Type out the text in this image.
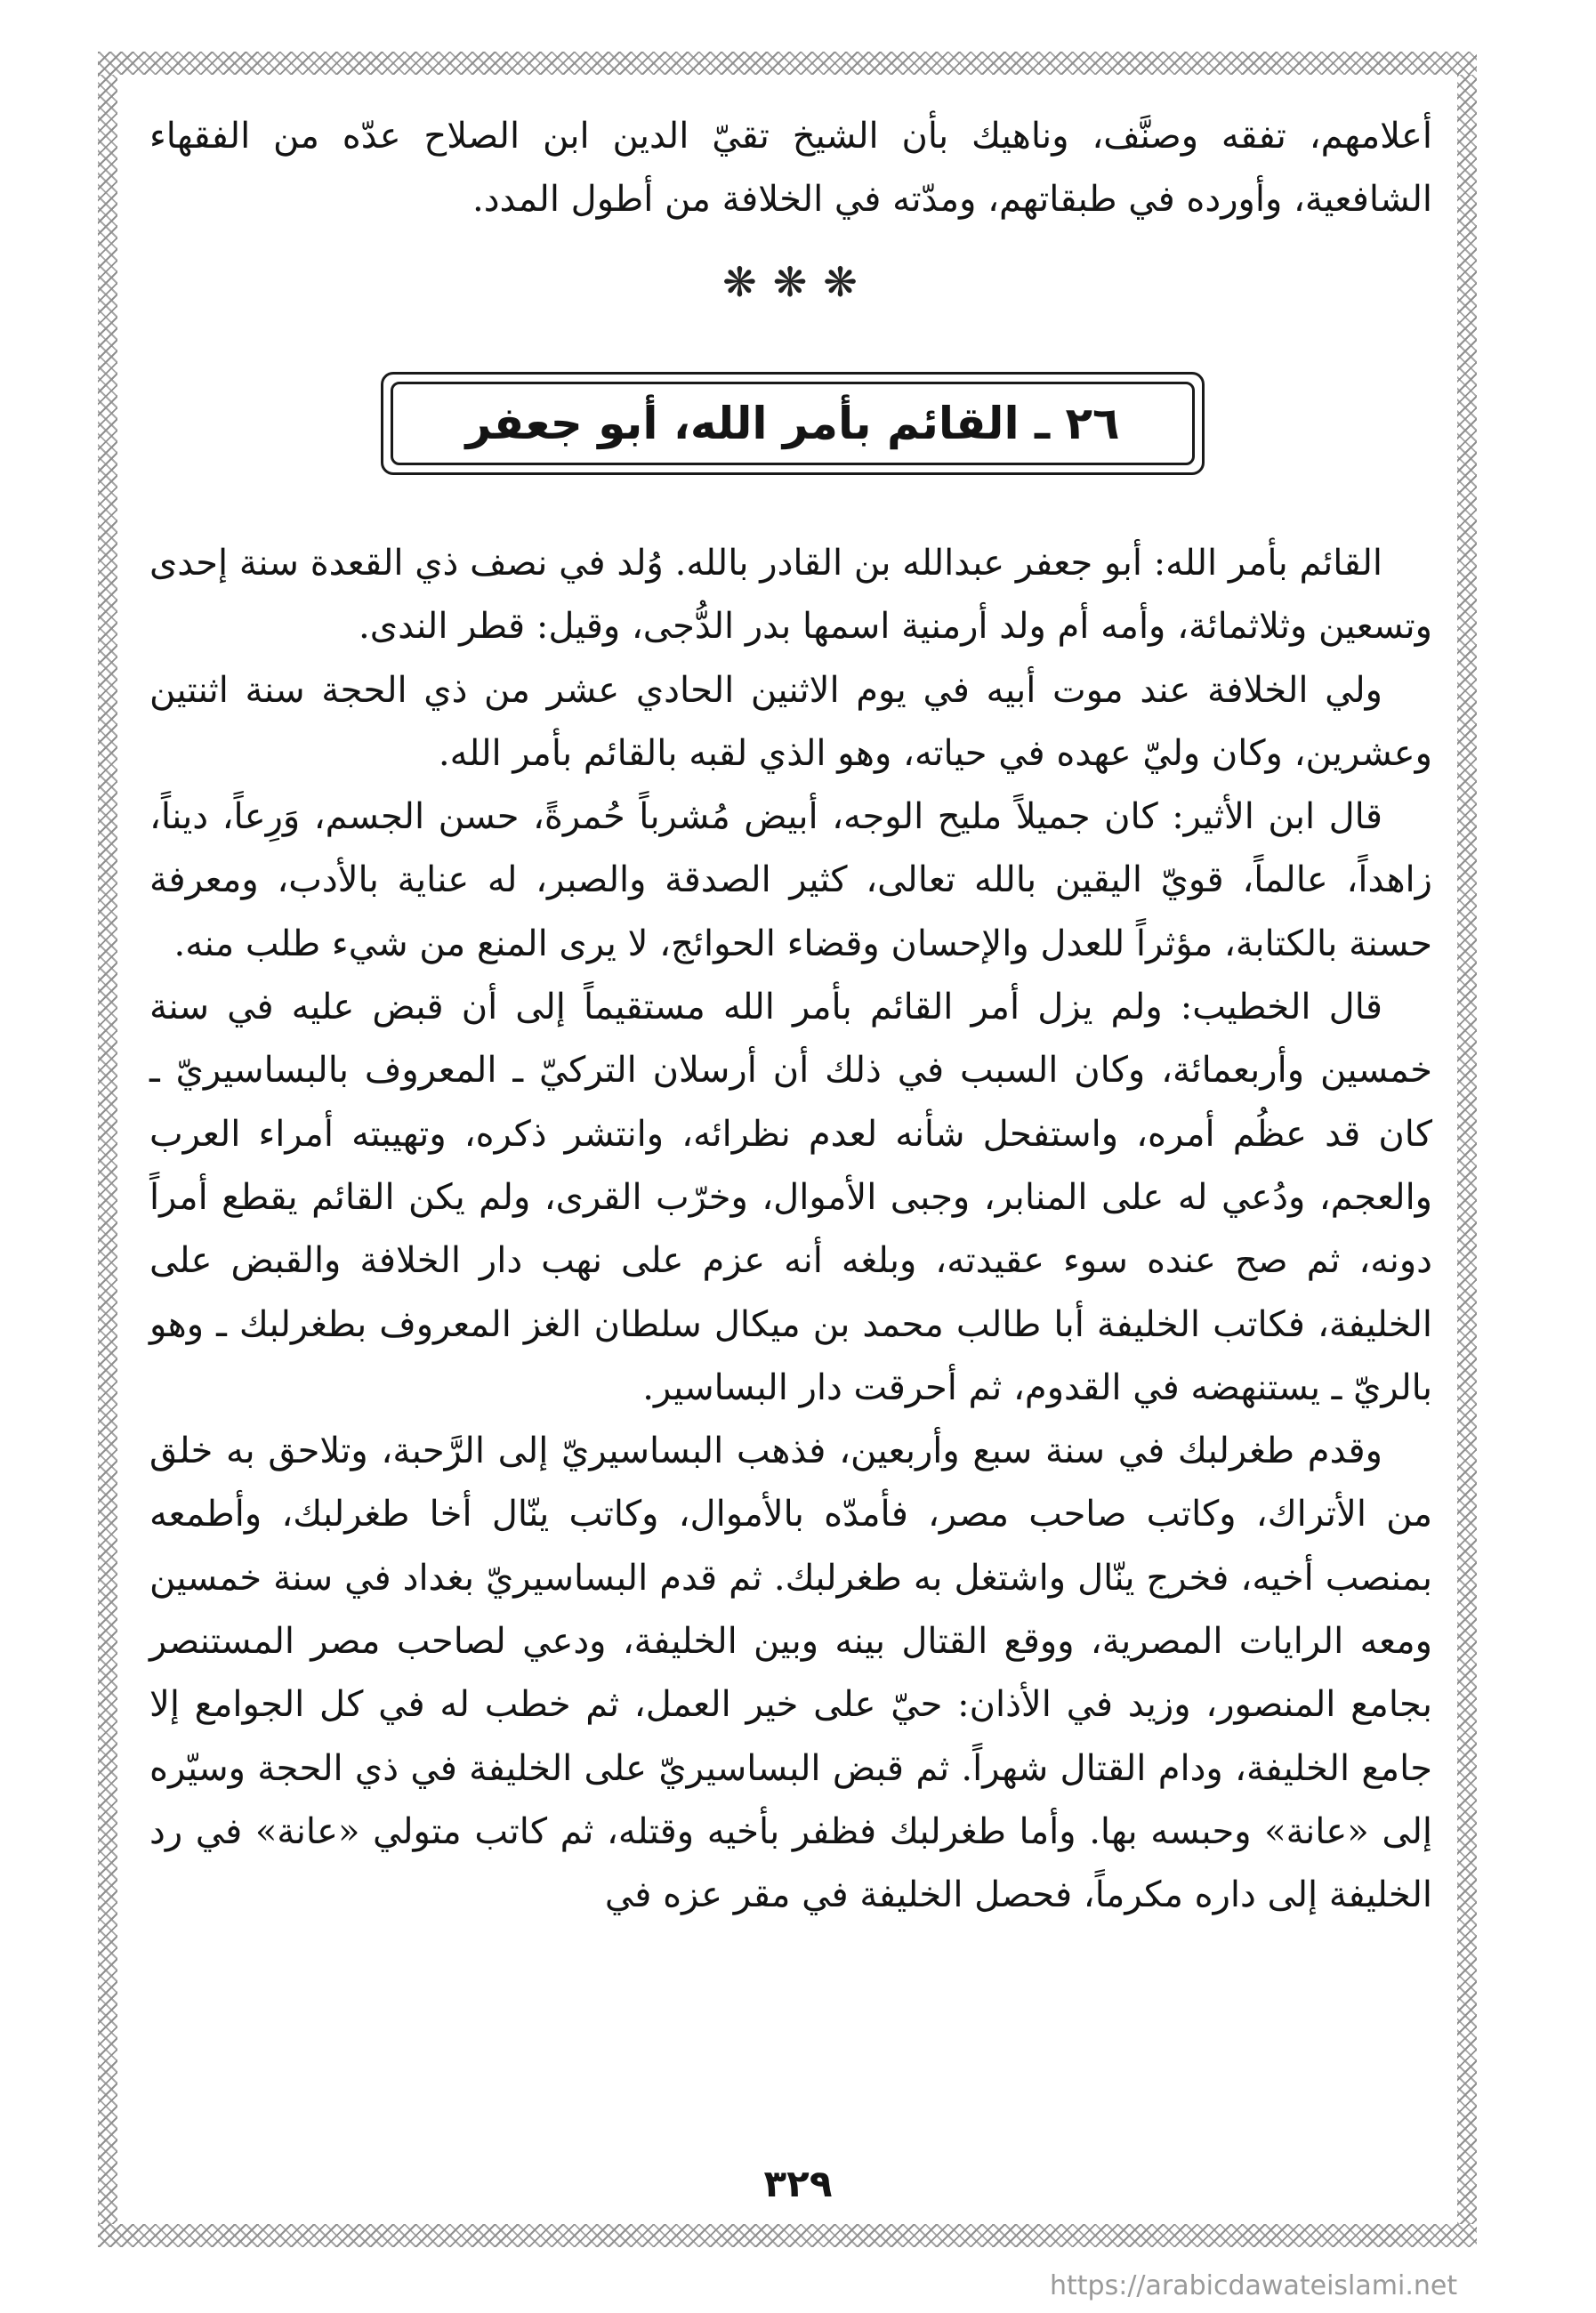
أعلامهم، تفقه وصنَّف، وناهيك بأن الشيخ تقيّ الدين ابن الصلاح عدّه من الفقهاء الشافعية، وأورده في طبقاتهم، ومدّته في الخلافة من أطول المدد.

❋❋❋
٢٦ ـ القائم بأمر الله، أبو جعفر

القائم بأمر الله: أبو جعفر عبدالله بن القادر بالله. وُلد في نصف ذي القعدة سنة إحدى وتسعين وثلاثمائة، وأمه أم ولد أرمنية اسمها بدر الدُّجى، وقيل: قطر الندى.

ولي الخلافة عند موت أبيه في يوم الاثنين الحادي عشر من ذي الحجة سنة اثنتين وعشرين، وكان وليّ عهده في حياته، وهو الذي لقبه بالقائم بأمر الله.

قال ابن الأثير: كان جميلاً مليح الوجه، أبيض مُشرباً حُمرةً، حسن الجسم، وَرِعاً، ديناً، زاهداً، عالماً، قويّ اليقين بالله تعالى، كثير الصدقة والصبر، له عناية بالأدب، ومعرفة حسنة بالكتابة، مؤثراً للعدل والإحسان وقضاء الحوائج، لا يرى المنع من شيء طلب منه.

قال الخطيب: ولم يزل أمر القائم بأمر الله مستقيماً إلى أن قبض عليه في سنة خمسين وأربعمائة، وكان السبب في ذلك أن أرسلان التركيّ ـ المعروف بالبساسيريّ ـ كان قد عظُم أمره، واستفحل شأنه لعدم نظرائه، وانتشر ذكره، وتهيبته أمراء العرب والعجم، ودُعي له على المنابر، وجبى الأموال، وخرّب القرى، ولم يكن القائم يقطع أمراً دونه، ثم صح عنده سوء عقيدته، وبلغه أنه عزم على نهب دار الخلافة والقبض على الخليفة، فكاتب الخليفة أبا طالب محمد بن ميكال سلطان الغز المعروف بطغرلبك ـ وهو بالريّ ـ يستنهضه في القدوم، ثم أحرقت دار البساسير.

وقدم طغرلبك في سنة سبع وأربعين، فذهب البساسيريّ إلى الرَّحبة، وتلاحق به خلق من الأتراك، وكاتب صاحب مصر، فأمدّه بالأموال، وكاتب ينّال أخا طغرلبك، وأطمعه بمنصب أخيه، فخرج ينّال واشتغل به طغرلبك. ثم قدم البساسيريّ بغداد في سنة خمسين ومعه الرايات المصرية، ووقع القتال بينه وبين الخليفة، ودعي لصاحب مصر المستنصر بجامع المنصور، وزيد في الأذان: حيّ على خير العمل، ثم خطب له في كل الجوامع إلا جامع الخليفة، ودام القتال شهراً. ثم قبض البساسيريّ على الخليفة في ذي الحجة وسيّره إلى «عانة» وحبسه بها. وأما طغرلبك فظفر بأخيه وقتله، ثم كاتب متولي «عانة» في رد الخليفة إلى داره مكرماً، فحصل الخليفة في مقر عزه في

٣٢٩
https://arabicdawateislami.net
